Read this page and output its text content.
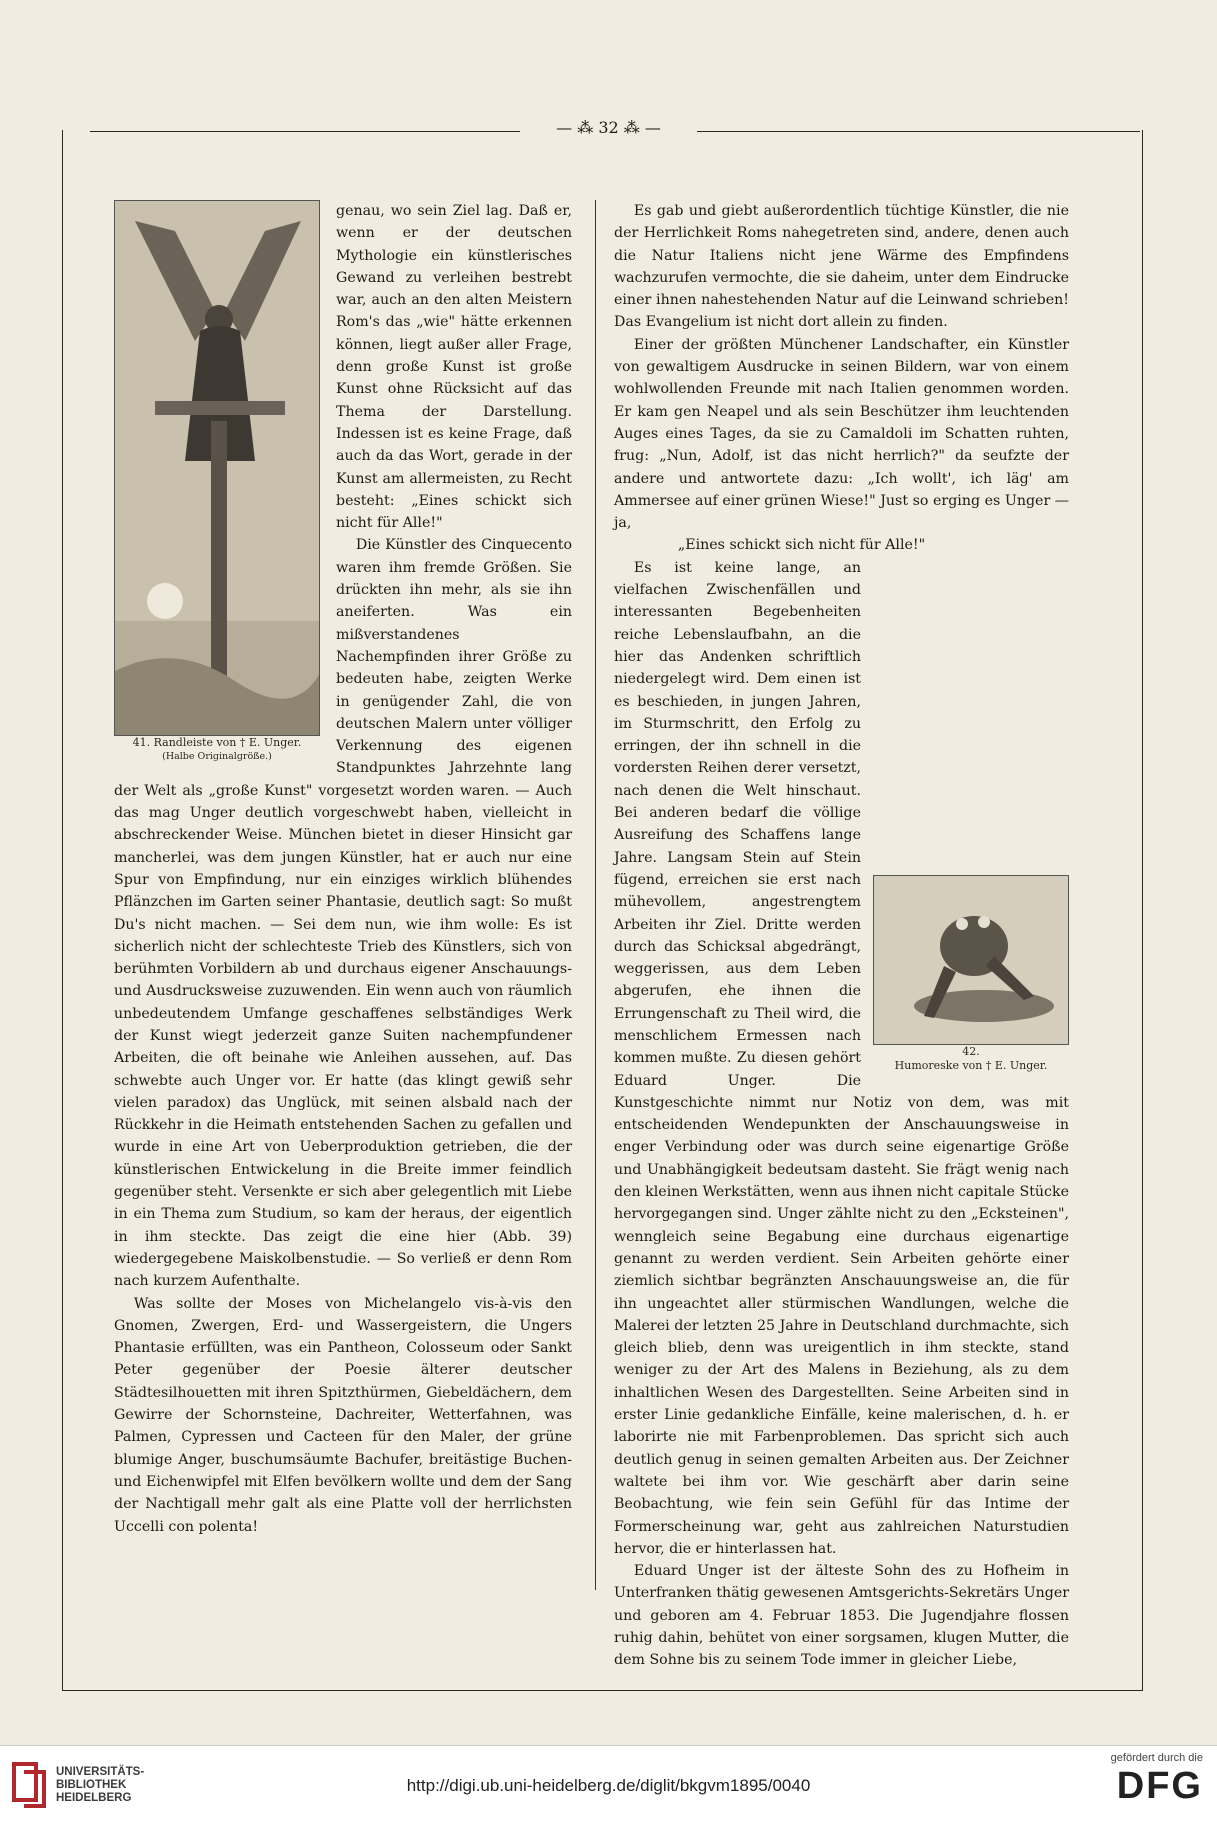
— ⁂ 32 ⁂ —
41. Randleiste von † E. Unger.
(Halbe Originalgröße.)

genau, wo sein Ziel lag. Daß er, wenn er der deutschen Mythologie ein künstlerisches Gewand zu verleihen bestrebt war, auch an den alten Meistern Rom's das „wie" hätte erkennen können, liegt außer aller Frage, denn große Kunst ist große Kunst ohne Rücksicht auf das Thema der Darstellung. Indessen ist es keine Frage, daß auch da das Wort, gerade in der Kunst am allermeisten, zu Recht besteht: „Eines schickt sich nicht für Alle!"

Die Künstler des Cinquecento waren ihm fremde Größen. Sie drückten ihn mehr, als sie ihn aneiferten. Was ein mißverstandenes Nachempfinden ihrer Größe zu bedeuten habe, zeigten Werke in genügender Zahl, die von deutschen Malern unter völliger Verkennung des eigenen Standpunktes Jahrzehnte lang der Welt als „große Kunst" vorgesetzt worden waren. — Auch das mag Unger deutlich vorgeschwebt haben, vielleicht in abschreckender Weise. München bietet in dieser Hinsicht gar mancherlei, was dem jungen Künstler, hat er auch nur eine Spur von Empfindung, nur ein einziges wirklich blühendes Pflänzchen im Garten seiner Phantasie, deutlich sagt: So mußt Du's nicht machen. — Sei dem nun, wie ihm wolle: Es ist sicherlich nicht der schlechteste Trieb des Künstlers, sich von berühmten Vorbildern ab und durchaus eigener Anschauungs- und Ausdrucksweise zuzuwenden. Ein wenn auch von räumlich unbedeutendem Umfange geschaffenes selbständiges Werk der Kunst wiegt jederzeit ganze Suiten nachempfundener Arbeiten, die oft beinahe wie Anleihen aussehen, auf. Das schwebte auch Unger vor. Er hatte (das klingt gewiß sehr vielen paradox) das Unglück, mit seinen alsbald nach der Rückkehr in die Heimath entstehenden Sachen zu gefallen und wurde in eine Art von Ueberproduktion getrieben, die der künstlerischen Entwickelung in die Breite immer feindlich gegenüber steht. Versenkte er sich aber gelegentlich mit Liebe in ein Thema zum Studium, so kam der heraus, der eigentlich in ihm steckte. Das zeigt die eine hier (Abb. 39) wiedergegebene Maiskolbenstudie. — So verließ er denn Rom nach kurzem Aufenthalte.

Was sollte der Moses von Michelangelo vis-à-vis den Gnomen, Zwergen, Erd- und Wassergeistern, die Ungers Phantasie erfüllten, was ein Pantheon, Colosseum oder Sankt Peter gegenüber der Poesie älterer deutscher Städtesilhouetten mit ihren Spitzthürmen, Giebeldächern, dem Gewirre der Schornsteine, Dachreiter, Wetterfahnen, was Palmen, Cypressen und Cacteen für den Maler, der grüne blumige Anger, buschumsäumte Bachufer, breitästige Buchen- und Eichenwipfel mit Elfen bevölkern wollte und dem der Sang der Nachtigall mehr galt als eine Platte voll der herrlichsten Uccelli con polenta!

Es gab und giebt außerordentlich tüchtige Künstler, die nie der Herrlichkeit Roms nahegetreten sind, andere, denen auch die Natur Italiens nicht jene Wärme des Empfindens wachzurufen vermochte, die sie daheim, unter dem Eindrucke einer ihnen nahestehenden Natur auf die Leinwand schrieben! Das Evangelium ist nicht dort allein zu finden.

Einer der größten Münchener Landschafter, ein Künstler von gewaltigem Ausdrucke in seinen Bildern, war von einem wohlwollenden Freunde mit nach Italien genommen worden. Er kam gen Neapel und als sein Beschützer ihm leuchtenden Auges eines Tages, da sie zu Camaldoli im Schatten ruhten, frug: „Nun, Adolf, ist das nicht herrlich?" da seufzte der andere und antwortete dazu: „Ich wollt', ich läg' am Ammersee auf einer grünen Wiese!" Just so erging es Unger — ja,

„Eines schickt sich nicht für Alle!"

42.
Humoreske von † E. Unger.

Es ist keine lange, an vielfachen Zwischenfällen und interessanten Begebenheiten reiche Lebenslaufbahn, an die hier das Andenken schriftlich niedergelegt wird. Dem einen ist es beschieden, in jungen Jahren, im Sturmschritt, den Erfolg zu erringen, der ihn schnell in die vordersten Reihen derer versetzt, nach denen die Welt hinschaut. Bei anderen bedarf die völlige Ausreifung des Schaffens lange Jahre. Langsam Stein auf Stein fügend, erreichen sie erst nach mühevollem, angestrengtem Arbeiten ihr Ziel. Dritte werden durch das Schicksal abgedrängt, weggerissen, aus dem Leben abgerufen, ehe ihnen die Errungenschaft zu Theil wird, die menschlichem Ermessen nach kommen mußte. Zu diesen gehört Eduard Unger. Die Kunstgeschichte nimmt nur Notiz von dem, was mit entscheidenden Wendepunkten der Anschauungsweise in enger Verbindung oder was durch seine eigenartige Größe und Unabhängigkeit bedeutsam dasteht. Sie frägt wenig nach den kleinen Werkstätten, wenn aus ihnen nicht capitale Stücke hervorgegangen sind. Unger zählte nicht zu den „Ecksteinen", wenngleich seine Begabung eine durchaus eigenartige genannt zu werden verdient. Sein Arbeiten gehörte einer ziemlich sichtbar begränzten Anschauungsweise an, die für ihn ungeachtet aller stürmischen Wandlungen, welche die Malerei der letzten 25 Jahre in Deutschland durchmachte, sich gleich blieb, denn was ureigentlich in ihm steckte, stand weniger zu der Art des Malens in Beziehung, als zu dem inhaltlichen Wesen des Dargestellten. Seine Arbeiten sind in erster Linie gedankliche Einfälle, keine malerischen, d. h. er laborirte nie mit Farbenproblemen. Das spricht sich auch deutlich genug in seinen gemalten Arbeiten aus. Der Zeichner waltete bei ihm vor. Wie geschärft aber darin seine Beobachtung, wie fein sein Gefühl für das Intime der Formerscheinung war, geht aus zahlreichen Naturstudien hervor, die er hinterlassen hat.

Eduard Unger ist der älteste Sohn des zu Hofheim in Unterfranken thätig gewesenen Amtsgerichts-Sekretärs Unger und geboren am 4. Februar 1853. Die Jugendjahre flossen ruhig dahin, behütet von einer sorgsamen, klugen Mutter, die dem Sohne bis zu seinem Tode immer in gleicher Liebe,

UNIVERSITÄTS-
BIBLIOTHEK
HEIDELBERG
http://digi.ub.uni-heidelberg.de/diglit/bkgvm1895/0040
gefördert durch die
DFG
